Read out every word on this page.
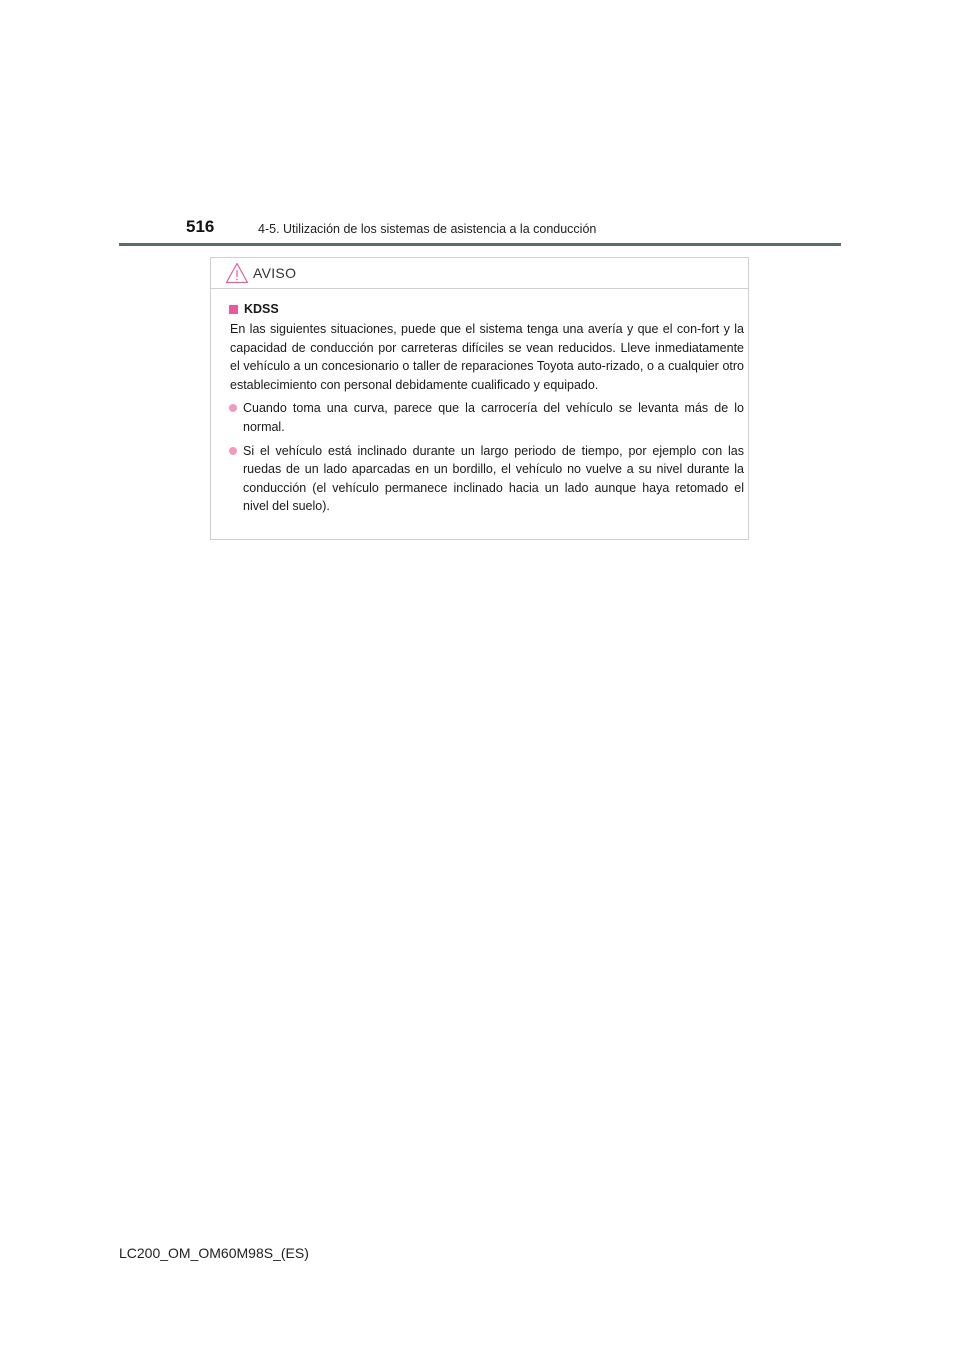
516	4-5. Utilización de los sistemas de asistencia a la conducción
AVISO
KDSS

En las siguientes situaciones, puede que el sistema tenga una avería y que el con-fort y la capacidad de conducción por carreteras difíciles se vean reducidos. Lleve inmediatamente el vehículo a un concesionario o taller de reparaciones Toyota auto-rizado, o a cualquier otro establecimiento con personal debidamente cualificado y equipado.

Cuando toma una curva, parece que la carrocería del vehículo se levanta más de lo normal.
Si el vehículo está inclinado durante un largo periodo de tiempo, por ejemplo con las ruedas de un lado aparcadas en un bordillo, el vehículo no vuelve a su nivel durante la conducción (el vehículo permanece inclinado hacia un lado aunque haya retomado el nivel del suelo).
LC200_OM_OM60M98S_(ES)
